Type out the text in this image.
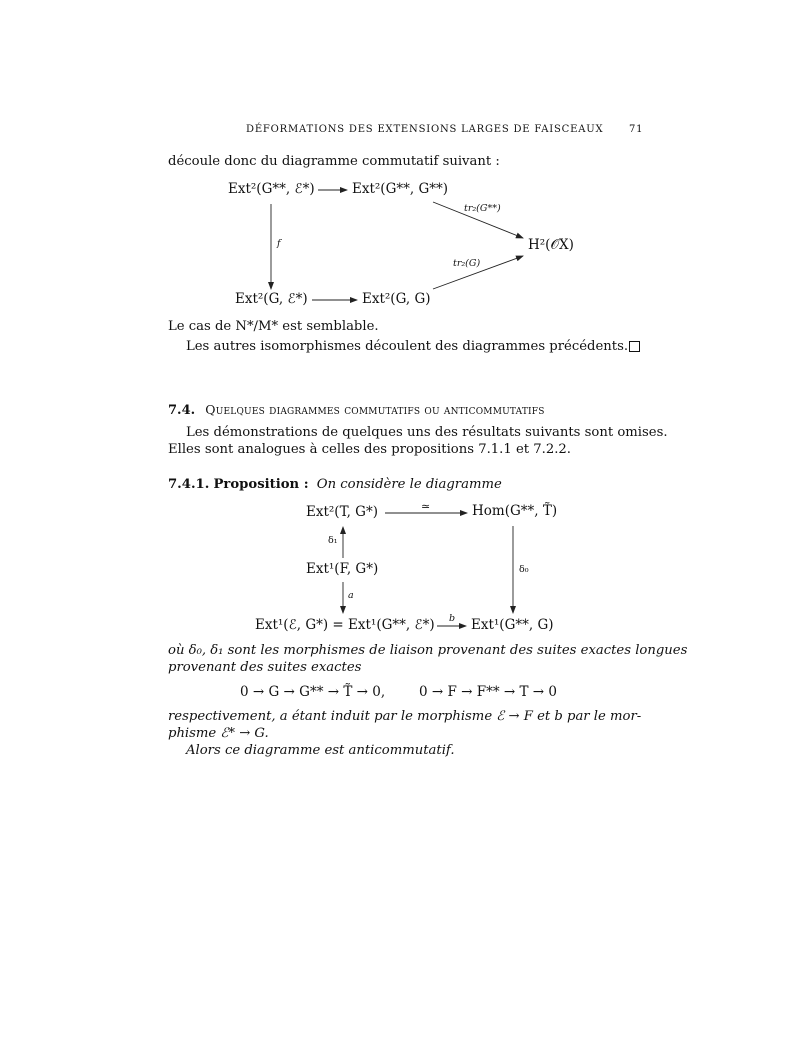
DÉFORMATIONS DES EXTENSIONS LARGES DE FAISCEAUX	71
découle donc du diagramme commutatif suivant :
Ext²(G**, ℰ*)	Ext²(G**, G**)
Ext²(G, ℰ*)	Ext²(G, G)
H²(𝒪X)
f
tr₂(G**)
tr₂(G)
Le cas de N*/M* est semblable.
Les autres isomorphismes découlent des diagrammes précédents.
7.4. Quelques diagrammes commutatifs ou anticommutatifs
Les démonstrations de quelques uns des résultats suivants sont omises.
Elles sont analogues à celles des propositions 7.1.1 et 7.2.2.
7.4.1. Proposition : On considère le diagramme
Ext²(T, G*)	Hom(G**, T̃)
Ext¹(F, G*)
Ext¹(ℰ, G*) = Ext¹(G**, ℰ*)	Ext¹(G**, G)
≃
δ₁
δ₀
a
b
où δ₀, δ₁ sont les morphismes de liaison provenant des suites exactes longues
provenant des suites exactes
0 → G → G** → T̃ → 0,	0 → F → F** → T → 0
respectivement, a étant induit par le morphisme ℰ → F et b par le mor-
phisme ℰ* → G.
Alors ce diagramme est anticommutatif.
